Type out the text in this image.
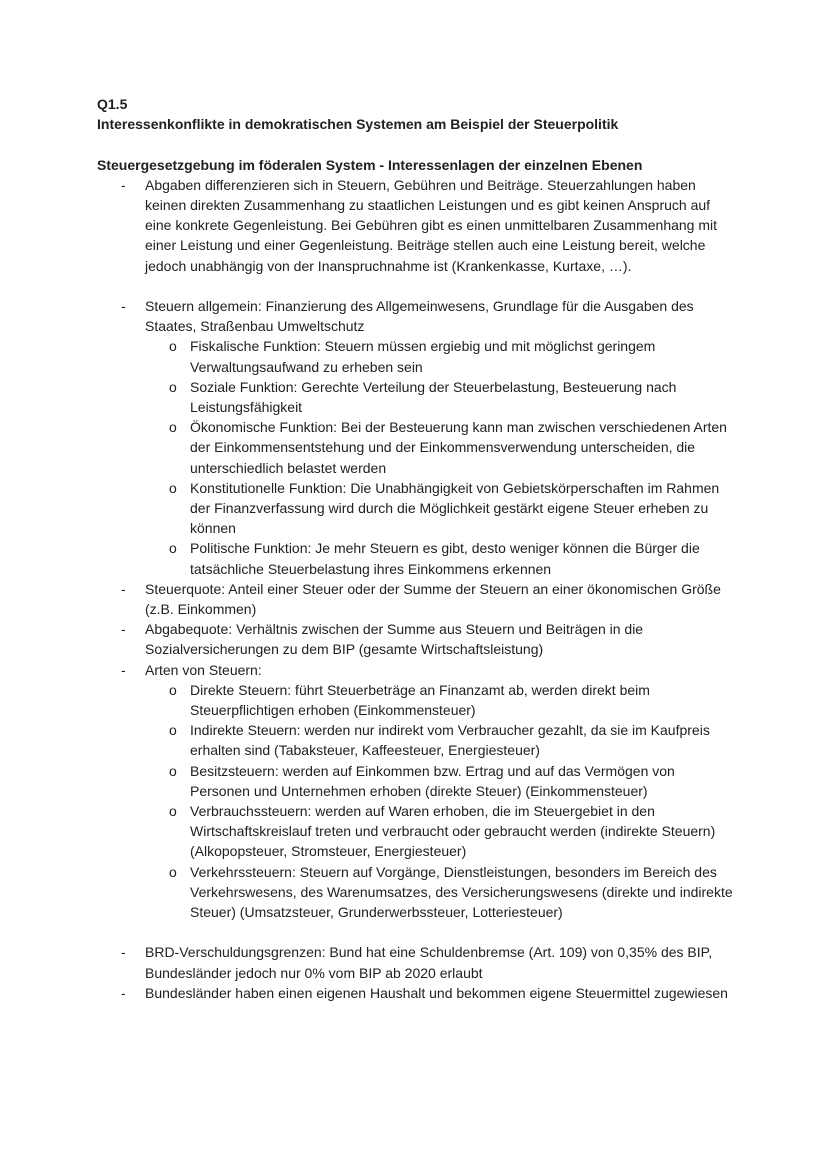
Q1.5
Interessenkonflikte in demokratischen Systemen am Beispiel der Steuerpolitik
Steuergesetzgebung im föderalen System - Interessenlagen der einzelnen Ebenen
-	Abgaben differenzieren sich in Steuern, Gebühren und Beiträge. Steuerzahlungen haben keinen direkten Zusammenhang zu staatlichen Leistungen und es gibt keinen Anspruch auf eine konkrete Gegenleistung. Bei Gebühren gibt es einen unmittelbaren Zusammenhang mit einer Leistung und einer Gegenleistung. Beiträge stellen auch eine Leistung bereit, welche jedoch unabhängig von der Inanspruchnahme ist (Krankenkasse, Kurtaxe, …).
-	Steuern allgemein: Finanzierung des Allgemeinwesens, Grundlage für die Ausgaben des Staates, Straßenbau Umweltschutz
o Fiskalische Funktion: Steuern müssen ergiebig und mit möglichst geringem Verwaltungsaufwand zu erheben sein
o Soziale Funktion: Gerechte Verteilung der Steuerbelastung, Besteuerung nach Leistungsfähigkeit
o Ökonomische Funktion: Bei der Besteuerung kann man zwischen verschiedenen Arten der Einkommensentstehung und der Einkommensverwendung unterscheiden, die unterschiedlich belastet werden
o Konstitutionelle Funktion: Die Unabhängigkeit von Gebietskörperschaften im Rahmen der Finanzverfassung wird durch die Möglichkeit gestärkt eigene Steuer erheben zu können
o Politische Funktion: Je mehr Steuern es gibt, desto weniger können die Bürger die tatsächliche Steuerbelastung ihres Einkommens erkennen
-	Steuerquote: Anteil einer Steuer oder der Summe der Steuern an einer ökonomischen Größe (z.B. Einkommen)
-	Abgabequote: Verhältnis zwischen der Summe aus Steuern und Beiträgen in die Sozialversicherungen zu dem BIP (gesamte Wirtschaftsleistung)
-	Arten von Steuern:
o Direkte Steuern: führt Steuerbeträge an Finanzamt ab, werden direkt beim Steuerpflichtigen erhoben (Einkommensteuer)
o Indirekte Steuern: werden nur indirekt vom Verbraucher gezahlt, da sie im Kaufpreis erhalten sind (Tabaksteuer, Kaffeesteuer, Energiesteuer)
o Besitzsteuern: werden auf Einkommen bzw. Ertrag und auf das Vermögen von Personen und Unternehmen erhoben (direkte Steuer) (Einkommensteuer)
o Verbrauchssteuern: werden auf Waren erhoben, die im Steuergebiet in den Wirtschaftskreislauf treten und verbraucht oder gebraucht werden (indirekte Steuern) (Alkopopsteuer, Stromsteuer, Energiesteuer)
o Verkehrssteuern: Steuern auf Vorgänge, Dienstleistungen, besonders im Bereich des Verkehrswesens, des Warenumsatzes, des Versicherungswesens (direkte und indirekte Steuer) (Umsatzsteuer, Grunderwerbssteuer, Lotteriesteuer)
-	BRD-Verschuldungsgrenzen: Bund hat eine Schuldenbremse (Art. 109) von 0,35% des BIP, Bundesländer jedoch nur 0% vom BIP ab 2020 erlaubt
-	Bundesländer haben einen eigenen Haushalt und bekommen eigene Steuermittel zugewiesen
